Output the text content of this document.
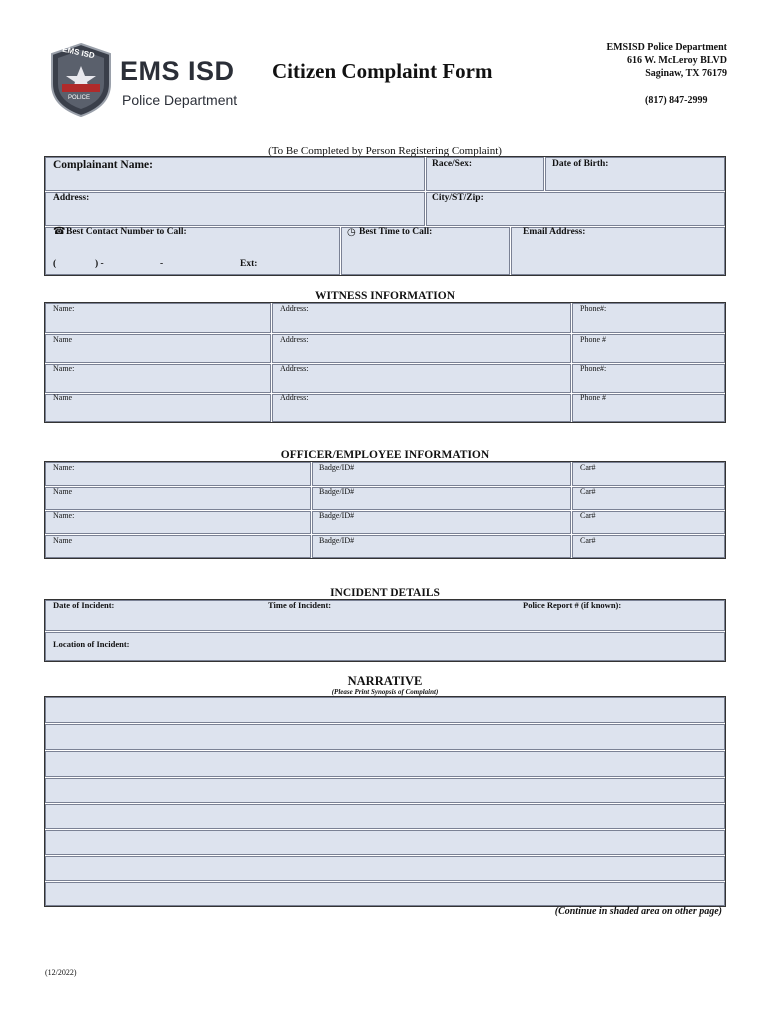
EMS ISD
POLICE
EMS ISD
Police Department
Citizen Complaint Form
EMSISD Police Department
616 W. McLeroy BLVD
Saginaw, TX 76179
(817) 847-2999
(To Be Completed by Person Registering Complaint)
Complainant Name:	Race/Sex:	Date of Birth:
Address:	City/ST/Zip:
☎ Best Contact Number to Call:
(	) -	-	Ext:
◷ Best Time to Call:	Email Address:
WITNESS INFORMATION
Name:	Address:	Phone#:
Name	Address:	Phone #
Name:	Address:	Phone#:
Name	Address:	Phone #
OFFICER/EMPLOYEE INFORMATION
Name:	Badge/ID#	Car#
Name	Badge/ID#	Car#
Name:	Badge/ID#	Car#
Name	Badge/ID#	Car#
INCIDENT DETAILS
Date of Incident:	Time of Incident:	Police Report # (if known):
Location of Incident:
NARRATIVE
(Please Print Synopsis of Complaint)
(Continue in shaded area on other page)
(12/2022)
